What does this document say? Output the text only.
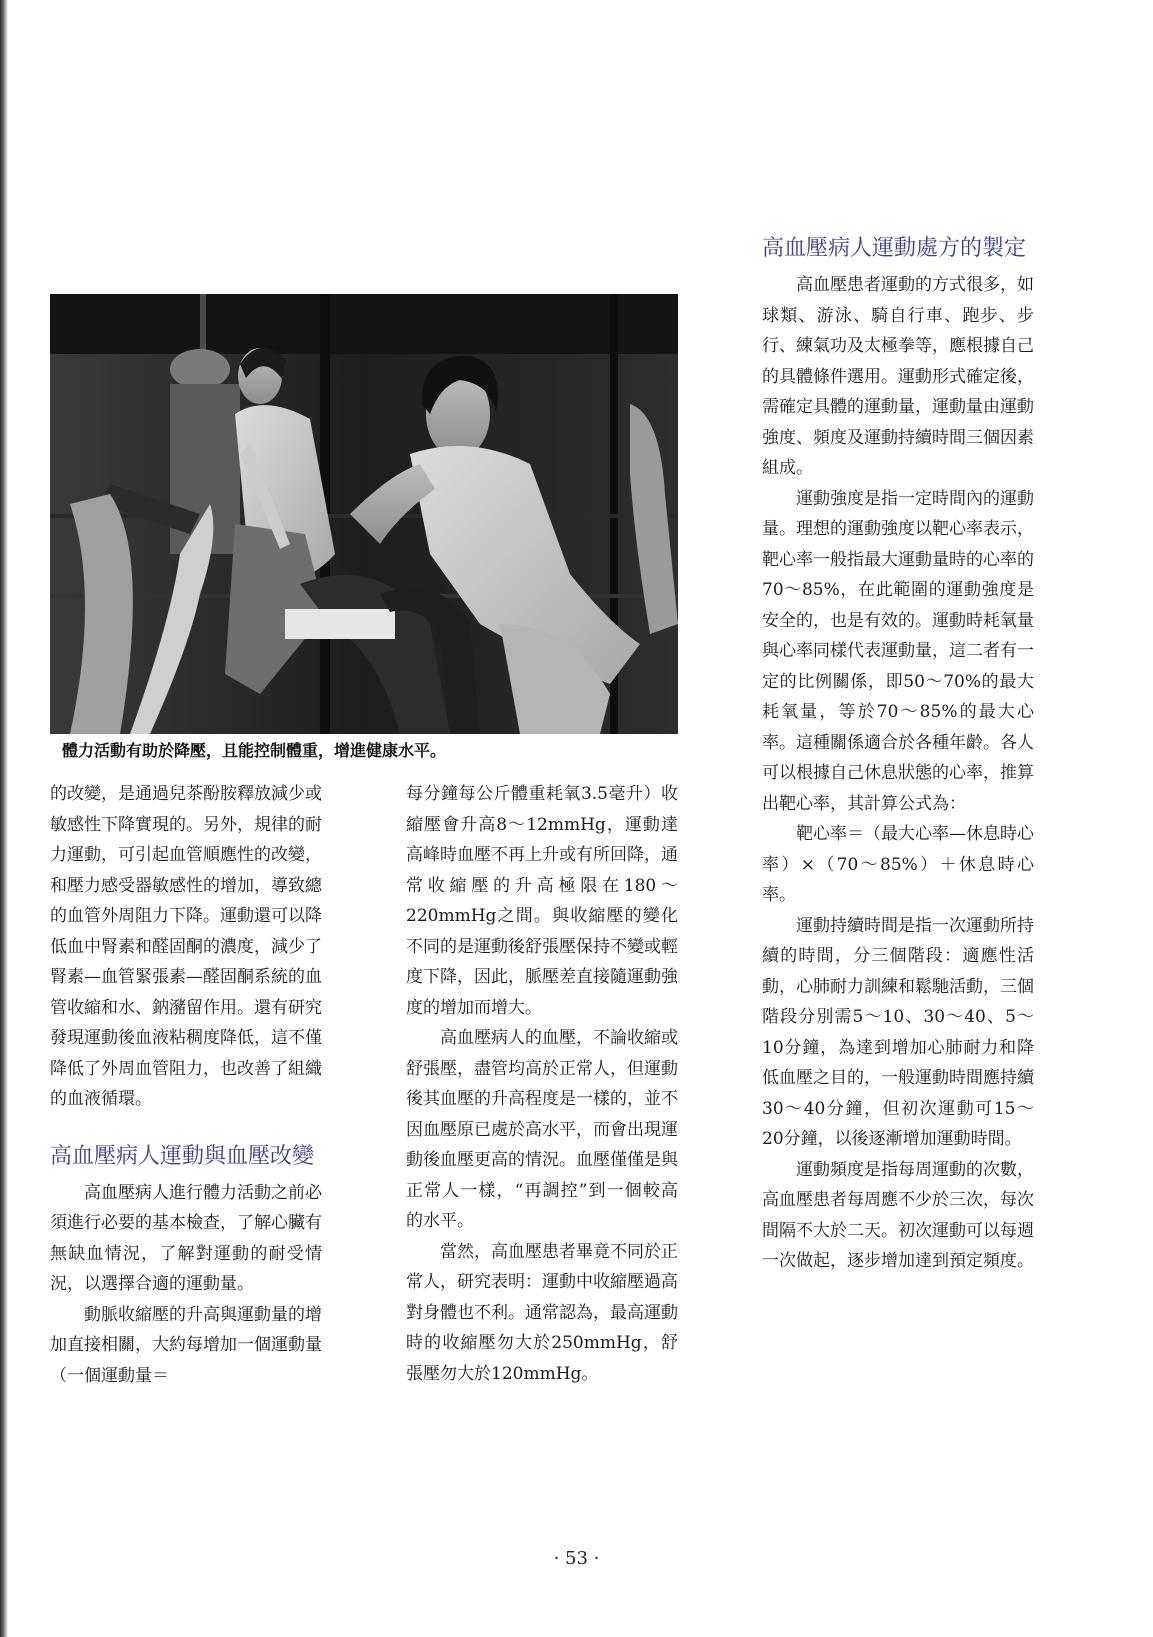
體力活動有助於降壓，且能控制體重，增進健康水平。

的改變，是通過兒茶酚胺釋放減少或敏感性下降實現的。另外，規律的耐力運動，可引起血管順應性的改變，和壓力感受器敏感性的增加，導致總的血管外周阻力下降。運動還可以降低血中腎素和醛固酮的濃度，減少了腎素—血管緊張素—醛固酮系統的血管收縮和水、鈉瀦留作用。還有研究發現運動後血液粘稠度降低，這不僅降低了外周血管阻力，也改善了組織的血液循環。

高血壓病人運動與血壓改變

高血壓病人進行體力活動之前必須進行必要的基本檢查，了解心臟有無缺血情況，了解對運動的耐受情況，以選擇合適的運動量。

動脈收縮壓的升高與運動量的增加直接相關，大約每增加一個運動量（一個運動量＝

每分鐘每公斤體重耗氧3.5毫升）收縮壓會升高8～12mmHg，運動達高峰時血壓不再上升或有所回降，通常收縮壓的升高極限在180～220mmHg之間。與收縮壓的變化不同的是運動後舒張壓保持不變或輕度下降，因此，脈壓差直接隨運動強度的增加而增大。

高血壓病人的血壓，不論收縮或舒張壓，盡管均高於正常人，但運動後其血壓的升高程度是一樣的，並不因血壓原已處於高水平，而會出現運動後血壓更高的情況。血壓僅僅是與正常人一樣，“再調控”到一個較高的水平。

當然，高血壓患者畢竟不同於正常人，研究表明：運動中收縮壓過高對身體也不利。通常認為，最高運動時的收縮壓勿大於250mmHg，舒張壓勿大於120mmHg。

高血壓病人運動處方的製定

高血壓患者運動的方式很多，如球類、游泳、騎自行車、跑步、步行、練氣功及太極拳等，應根據自己的具體條件選用。運動形式確定後，需確定具體的運動量，運動量由運動強度、頻度及運動持續時間三個因素組成。

運動強度是指一定時間內的運動量。理想的運動強度以靶心率表示，靶心率一般指最大運動量時的心率的70～85%，在此範圍的運動強度是安全的，也是有效的。運動時耗氧量與心率同樣代表運動量，這二者有一定的比例關係，即50～70%的最大耗氧量，等於70～85%的最大心率。這種關係適合於各種年齡。各人可以根據自己休息狀態的心率，推算出靶心率，其計算公式為：

靶心率＝（最大心率—休息時心率）×（70～85%）＋休息時心率。

運動持續時間是指一次運動所持續的時間，分三個階段：適應性活動，心肺耐力訓練和鬆馳活動，三個階段分別需5～10、30～40、5～10分鐘，為達到增加心肺耐力和降低血壓之目的，一般運動時間應持續30～40分鐘，但初次運動可15～20分鐘，以後逐漸增加運動時間。

運動頻度是指每周運動的次數，高血壓患者每周應不少於三次，每次間隔不大於二天。初次運動可以每週一次做起，逐步增加達到預定頻度。

· 53 ·
